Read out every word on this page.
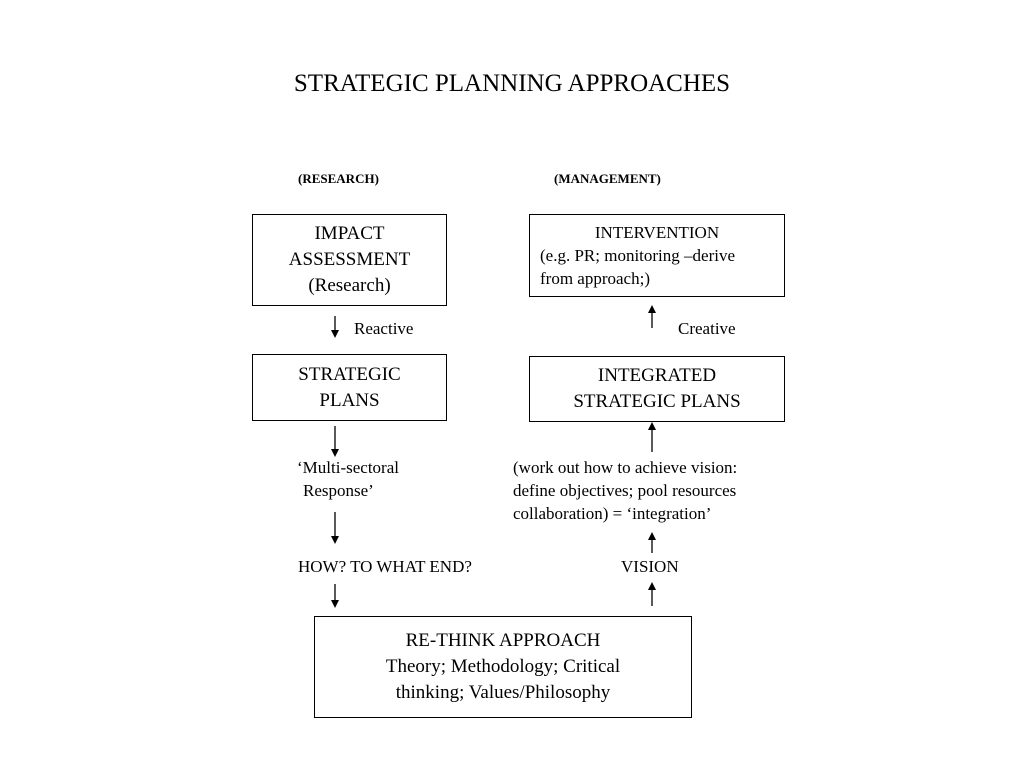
STRATEGIC PLANNING APPROACHES
(RESEARCH)	(MANAGEMENT)
IMPACT
ASSESSMENT
(Research)
Reactive
STRATEGIC
PLANS
‘Multi-sectoral
Response’
HOW? TO WHAT END?
INTERVENTION
(e.g. PR; monitoring –derive
from approach;)
Creative
INTEGRATED
STRATEGIC PLANS
(work out how to achieve vision:
define objectives; pool resources
collaboration) = ‘integration’
VISION
RE-THINK APPROACH
Theory; Methodology; Critical
thinking; Values/Philosophy
